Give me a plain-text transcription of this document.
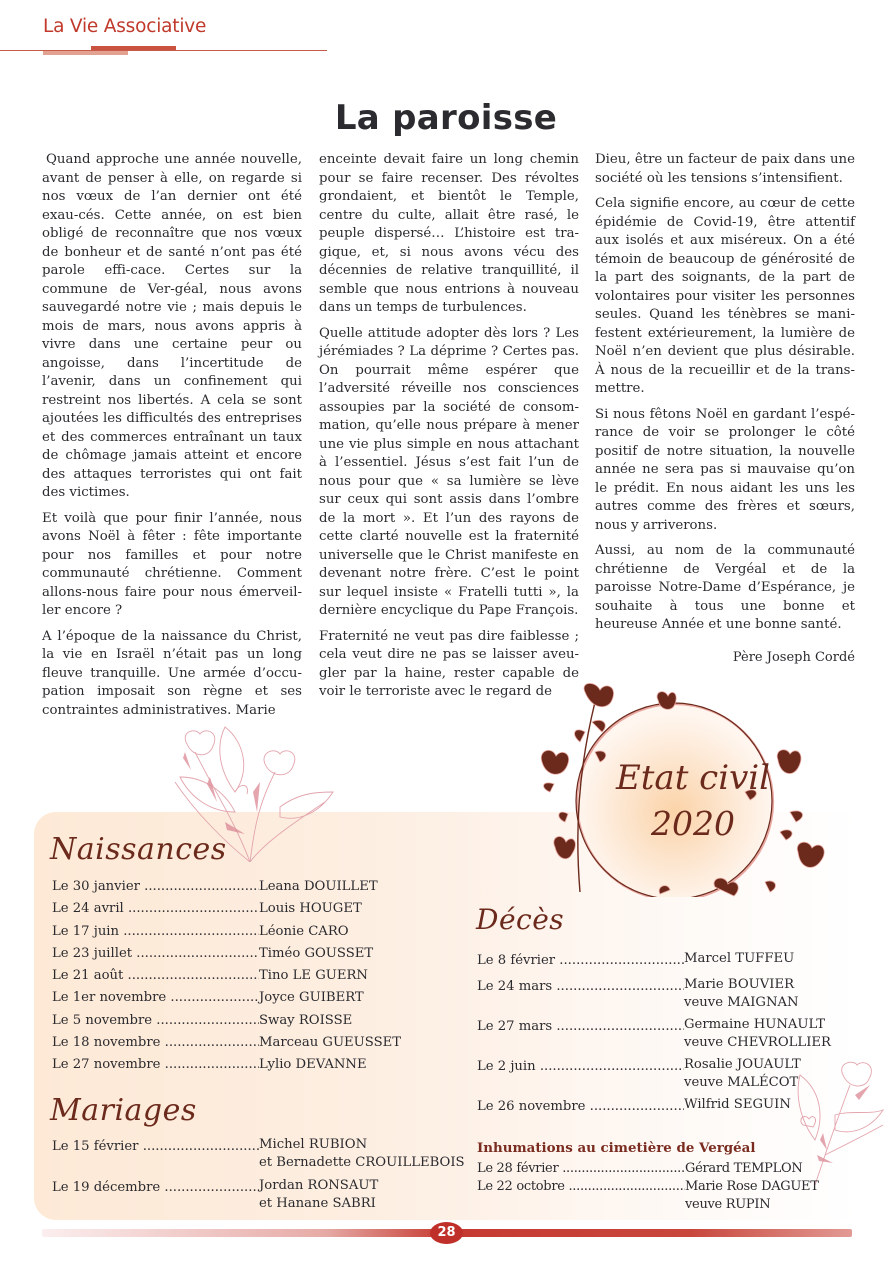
La Vie Associative
La paroisse

Quand approche une année nouvelle, avant de penser à elle, on regarde si nos vœux de l’an dernier ont été exau-cés. Cette année, on est bien obligé de reconnaître que nos vœux de bonheur et de santé n’ont pas été parole effi-cace. Certes sur la commune de Ver-géal, nous avons sauvegardé notre vie ; mais depuis le mois de mars, nous avons appris à vivre dans une certaine peur ou angoisse, dans l’incertitude de l’avenir, dans un confinement qui restreint nos libertés. A cela se sont ajoutées les difficultés des entreprises et des commerces entraînant un taux de chômage jamais atteint et encore des attaques terroristes qui ont fait des victimes.

Et voilà que pour finir l’année, nous avons Noël à fêter : fête importante pour nos familles et pour notre communauté chrétienne. Comment allons-nous faire pour nous émerveil-ler encore ?

A l’époque de la naissance du Christ, la vie en Israël n’était pas un long fleuve tranquille. Une armée d’occu-pation imposait son règne et ses contraintes administratives. Marie

enceinte devait faire un long chemin pour se faire recenser. Des révoltes grondaient, et bientôt le Temple, centre du culte, allait être rasé, le peuple dispersé… L’histoire est tra-gique, et, si nous avons vécu des décennies de relative tranquillité, il semble que nous entrions à nouveau dans un temps de turbulences.

Quelle attitude adopter dès lors ? Les jérémiades ? La déprime ? Certes pas. On pourrait même espérer que l’adversité réveille nos consciences assoupies par la société de consom-mation, qu’elle nous prépare à mener une vie plus simple en nous attachant à l’essentiel. Jésus s’est fait l’un de nous pour que « sa lumière se lève sur ceux qui sont assis dans l’ombre de la mort ». Et l’un des rayons de cette clarté nouvelle est la fraternité universelle que le Christ manifeste en devenant notre frère. C’est le point sur lequel insiste « Fratelli tutti », la dernière encyclique du Pape François.

Fraternité ne veut pas dire faiblesse ; cela veut dire ne pas se laisser aveu-gler par la haine, rester capable de voir le terroriste avec le regard de

Dieu, être un facteur de paix dans une société où les tensions s’intensifient.

Cela signifie encore, au cœur de cette épidémie de Covid-19, être attentif aux isolés et aux miséreux. On a été témoin de beaucoup de générosité de la part des soignants, de la part de volontaires pour visiter les personnes seules. Quand les ténèbres se mani-festent extérieurement, la lumière de Noël n’en devient que plus désirable. À nous de la recueillir et de la trans-mettre.

Si nous fêtons Noël en gardant l’espé-rance de voir se prolonger le côté positif de notre situation, la nouvelle année ne sera pas si mauvaise qu’on le prédit. En nous aidant les uns les autres comme des frères et sœurs, nous y arriverons.

Aussi, au nom de la communauté chrétienne de Vergéal et de la paroisse Notre-Dame d’Espérance, je souhaite à tous une bonne et heureuse Année et une bonne santé.

Père Joseph Cordé

Etat civil
2020
Naissances
Le 30 janvier .....	Leana DOUILLET
Le 24 avril .....	Louis HOUGET
Le 17 juin .....	Léonie CARO
Le 23 juillet .....	Timéo GOUSSET
Le 21 août .....	Tino LE GUERN
Le 1er novembre .....	Joyce GUIBERT
Le 5 novembre .....	Sway ROISSE
Le 18 novembre .....	Marceau GUEUSSET
Le 27 novembre .....	Lylio DEVANNE
Mariages
Le 15 février .....	Michel RUBION
et Bernadette CROUILLEBOIS
Le 19 décembre .....	Jordan RONSAUT
et Hanane SABRI
Décès
Le 8 février .....	Marcel TUFFEU
Le 24 mars .....	Marie BOUVIER
veuve MAIGNAN
Le 27 mars .....	Germaine HUNAULT
veuve CHEVROLLIER
Le 2 juin .....	Rosalie JOUAULT
veuve MALÉCOT
Le 26 novembre .....	Wilfrid SEGUIN
Inhumations au cimetière de Vergéal
Le 28 février .....	Gérard TEMPLON
Le 22 octobre .....	Marie Rose DAGUET
veuve RUPIN
28
